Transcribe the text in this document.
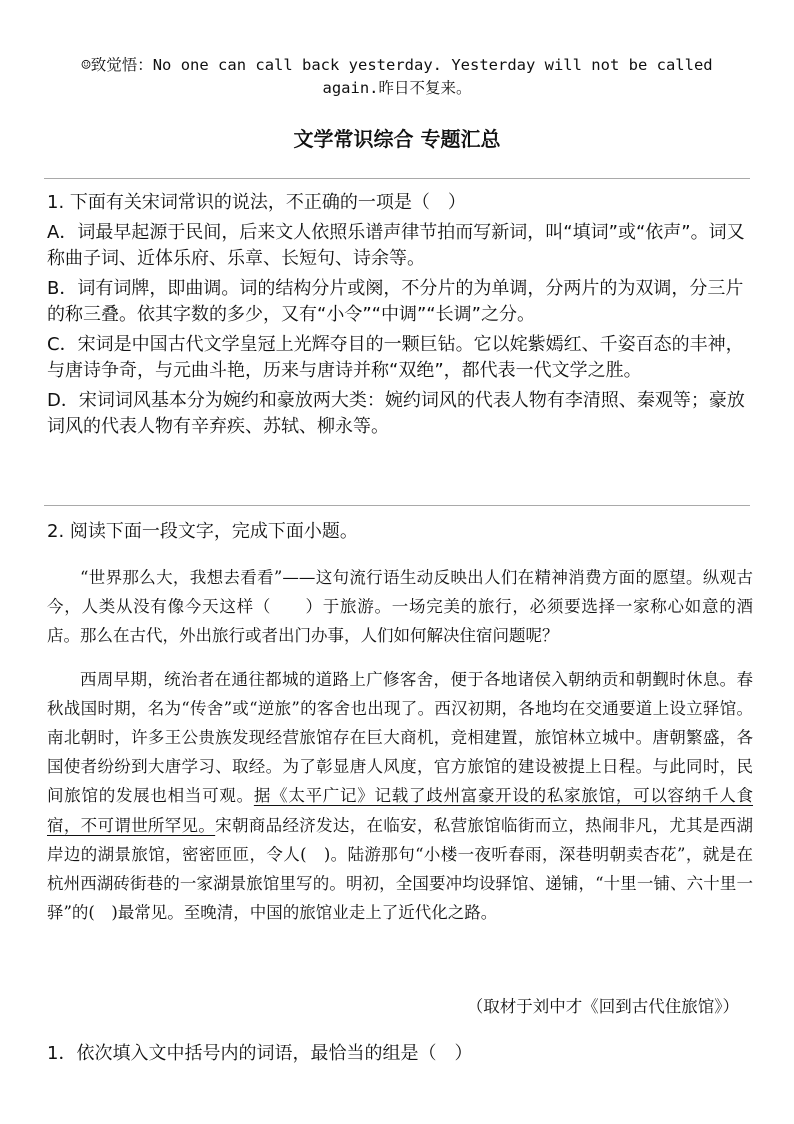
☺致觉悟：No one can call back yesterday. Yesterday will not be called
again.昨日不复来。
文学常识综合 专题汇总

1. 下面有关宋词常识的说法，不正确的一项是（　）

A．词最早起源于民间，后来文人依照乐谱声律节拍而写新词，叫“填词”或“依声”。词又称曲子词、近体乐府、乐章、长短句、诗余等。

B．词有词牌，即曲调。词的结构分片或阕，不分片的为单调，分两片的为双调，分三片的称三叠。依其字数的多少，又有“小令”“中调”“长调”之分。

C．宋词是中国古代文学皇冠上光辉夺目的一颗巨钻。它以姹紫嫣红、千姿百态的丰神，与唐诗争奇，与元曲斗艳，历来与唐诗并称“双绝”，都代表一代文学之胜。

D．宋词词风基本分为婉约和豪放两大类：婉约词风的代表人物有李清照、秦观等；豪放词风的代表人物有辛弃疾、苏轼、柳永等。

2. 阅读下面一段文字，完成下面小题。

“世界那么大，我想去看看”——这句流行语生动反映出人们在精神消费方面的愿望。纵观古今，人类从没有像今天这样（　　）于旅游。一场完美的旅行，必须要选择一家称心如意的酒店。那么在古代，外出旅行或者出门办事，人们如何解决住宿问题呢？

西周早期，统治者在通往都城的道路上广修客舍，便于各地诸侯入朝纳贡和朝觐时休息。春秋战国时期，名为“传舍”或“逆旅”的客舍也出现了。西汉初期，各地均在交通要道上设立驿馆。南北朝时，许多王公贵族发现经营旅馆存在巨大商机，竞相建置，旅馆林立城中。唐朝繁盛，各国使者纷纷到大唐学习、取经。为了彰显唐人风度，官方旅馆的建设被提上日程。与此同时，民间旅馆的发展也相当可观。据《太平广记》记载了歧州富豪开设的私家旅馆，可以容纳千人食宿，不可谓世所罕见。宋朝商品经济发达，在临安，私营旅馆临街而立，热闹非凡，尤其是西湖岸边的湖景旅馆，密密匝匝，令人(　)。陆游那句“小楼一夜听春雨，深巷明朝卖杏花”，就是在杭州西湖砖街巷的一家湖景旅馆里写的。明初，全国要冲均设驿馆、递铺，“十里一铺、六十里一驿”的(　)最常见。至晚清，中国的旅馆业走上了近代化之路。

（取材于刘中才《回到古代住旅馆》）
1．依次填入文中括号内的词语，最恰当的组是（　）
